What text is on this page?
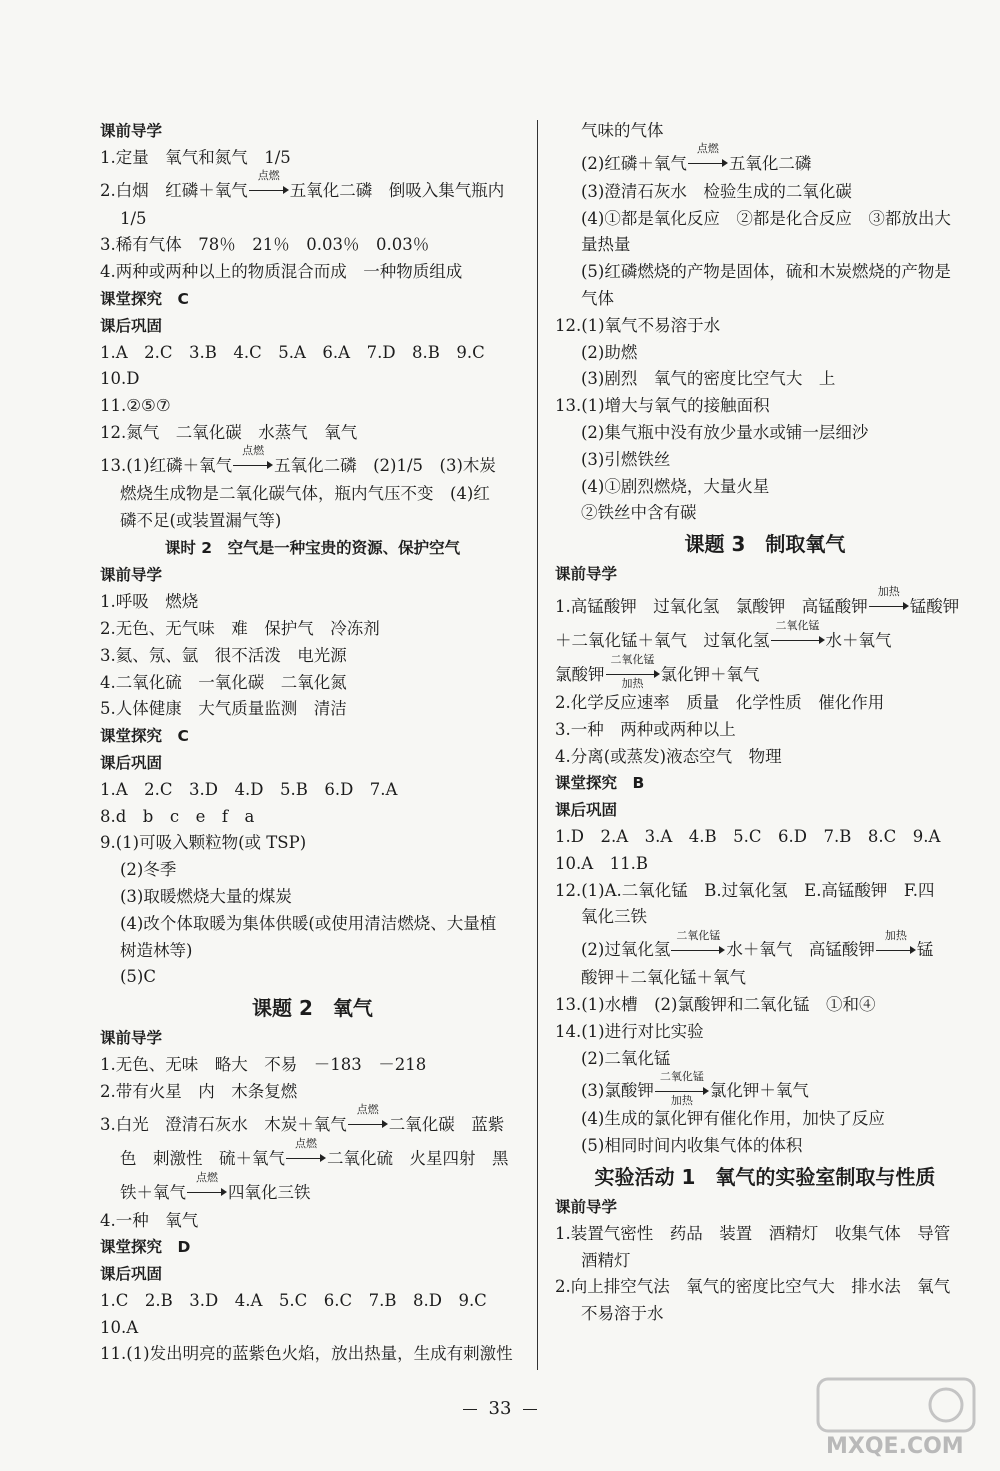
课前导学
1.定量　氧气和氮气　1/5
2.白烟　红磷＋氧气
点燃
五氧化二磷　倒吸入集气瓶内
1/5
3.稀有气体　78％　21％　0.03％　0.03％
4.两种或两种以上的物质混合而成　一种物质组成
课堂探究　C
课后巩固
1.A　2.C　3.B　4.C　5.A　6.A　7.D　8.B　9.C
10.D
11.②⑤⑦
12.氮气　二氧化碳　水蒸气　氧气
13.(1)红磷＋氧气
点燃
五氧化二磷　(2)1/5　(3)木炭
燃烧生成物是二氧化碳气体，瓶内气压不变　(4)红
磷不足(或装置漏气等)
课时 2　空气是一种宝贵的资源、保护空气
课前导学
1.呼吸　燃烧
2.无色、无气味　难　保护气　冷冻剂
3.氦、氖、氩　很不活泼　电光源
4.二氧化硫　一氧化碳　二氧化氮
5.人体健康　大气质量监测　清洁
课堂探究　C
课后巩固
1.A　2.C　3.D　4.D　5.B　6.D　7.A
8.d　b　c　e　f　a
9.(1)可吸入颗粒物(或 TSP)
(2)冬季
(3)取暖燃烧大量的煤炭
(4)改个体取暖为集体供暖(或使用清洁燃烧、大量植
树造林等)
(5)C
课题 2　氧气
课前导学
1.无色、无味　略大　不易　－183　－218
2.带有火星　内　木条复燃
3.白光　澄清石灰水　木炭＋氧气
点燃
二氧化碳　蓝紫
色　刺激性　硫＋氧气
点燃
二氧化硫　火星四射　黑
铁＋氧气
点燃
四氧化三铁
4.一种　氧气
课堂探究　D
课后巩固
1.C　2.B　3.D　4.A　5.C　6.C　7.B　8.D　9.C
10.A
11.(1)发出明亮的蓝紫色火焰，放出热量，生成有刺激性
气味的气体
(2)红磷＋氧气
点燃
五氧化二磷
(3)澄清石灰水　检验生成的二氧化碳
(4)①都是氧化反应　②都是化合反应　③都放出大
量热量
(5)红磷燃烧的产物是固体，硫和木炭燃烧的产物是
气体
12.(1)氧气不易溶于水
(2)助燃
(3)剧烈　氧气的密度比空气大　上
13.(1)增大与氧气的接触面积
(2)集气瓶中没有放少量水或铺一层细沙
(3)引燃铁丝
(4)①剧烈燃烧，大量火星
②铁丝中含有碳
课题 3　制取氧气
课前导学
1.高锰酸钾　过氧化氢　氯酸钾　高锰酸钾
加热
锰酸钾
＋二氧化锰＋氧气　过氧化氢
二氧化锰
水＋氧气
氯酸钾
二氧化锰
加热	氯化钾＋氧气
2.化学反应速率　质量　化学性质　催化作用
3.一种　两种或两种以上
4.分离(或蒸发)液态空气　物理
课堂探究　B
课后巩固
1.D　2.A　3.A　4.B　5.C　6.D　7.B　8.C　9.A
10.A　11.B
12.(1)A.二氧化锰　B.过氧化氢　E.高锰酸钾　F.四
氧化三铁
(2)过氧化氢
二氧化锰
水＋氧气　高锰酸钾
加热
锰
酸钾＋二氧化锰＋氧气
13.(1)水槽　(2)氯酸钾和二氧化锰　①和④
14.(1)进行对比实验
(2)二氧化锰
(3)氯酸钾
二氧化锰
加热	氯化钾＋氧气
(4)生成的氯化钾有催化作用，加快了反应
(5)相同时间内收集气体的体积
实验活动 1　氧气的实验室制取与性质
课前导学
1.装置气密性　药品　装置　酒精灯　收集气体　导管
酒精灯
2.向上排空气法　氧气的密度比空气大　排水法　氧气
不易溶于水
33
MXQE.COM
